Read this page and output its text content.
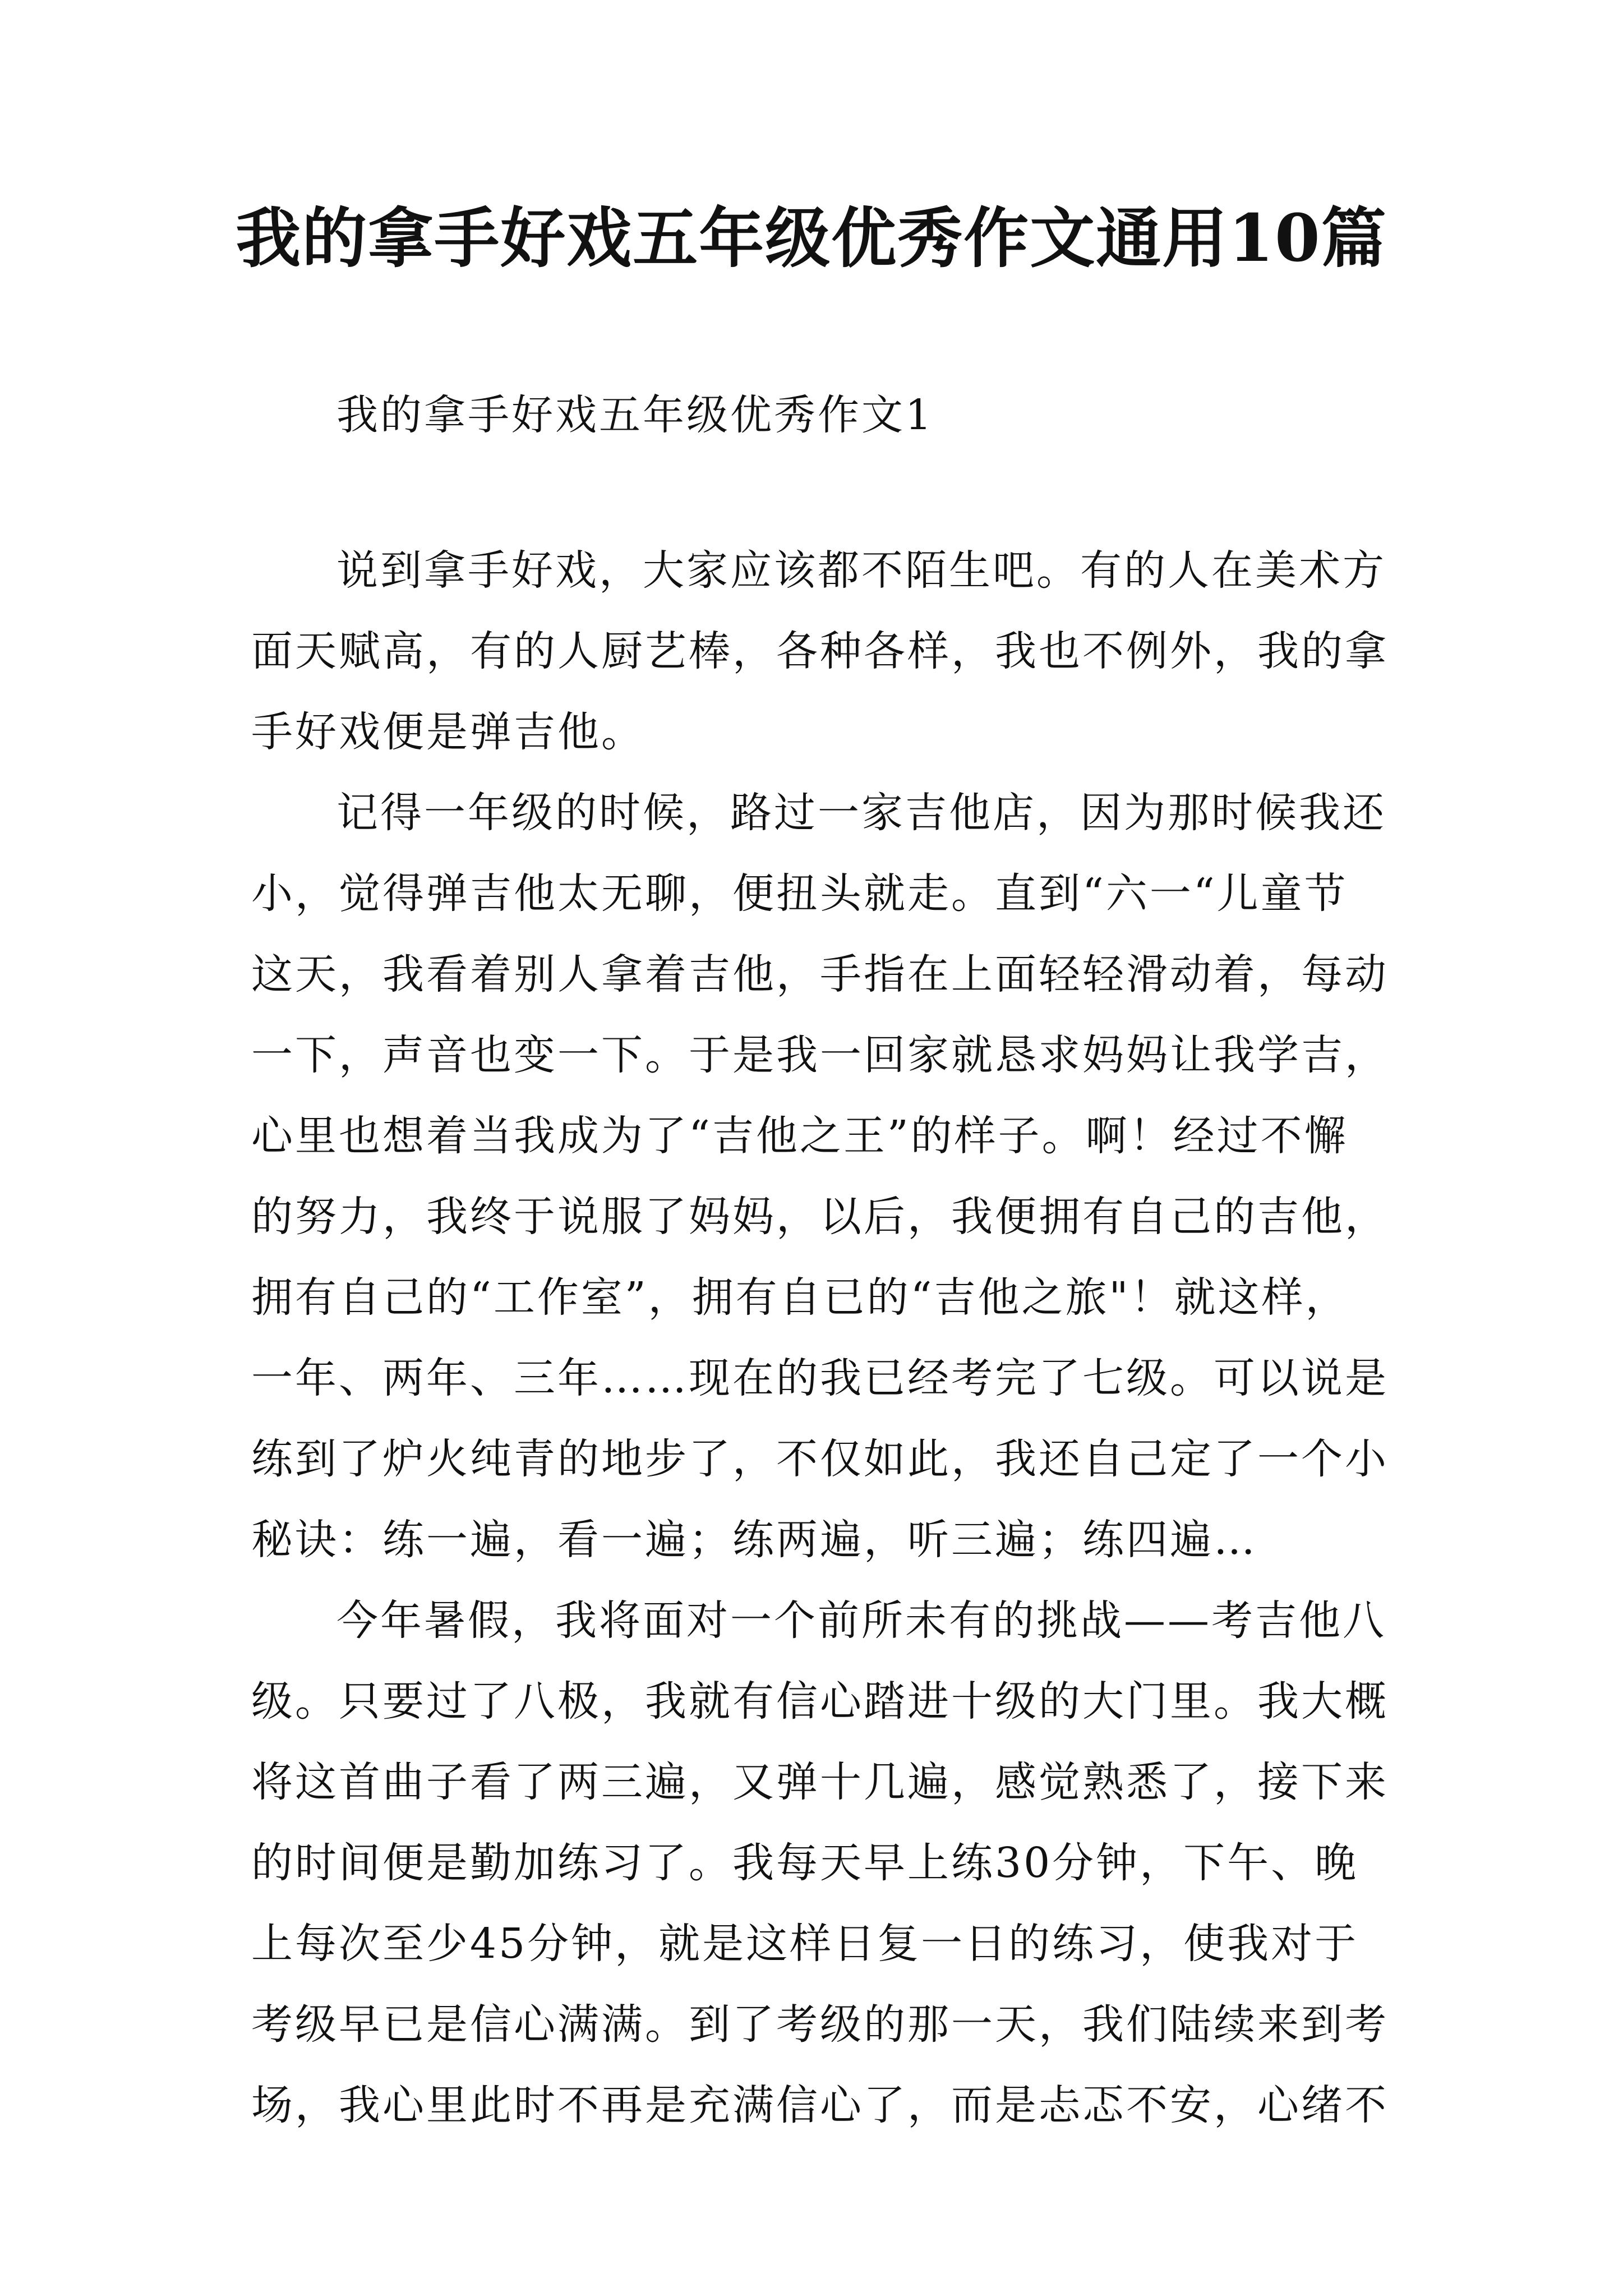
我的拿手好戏五年级优秀作文通用10篇
我的拿手好戏五年级优秀作文1
说到拿手好戏，大家应该都不陌生吧。有的人在美术方
面天赋高，有的人厨艺棒，各种各样，我也不例外，我的拿
手好戏便是弹吉他。
记得一年级的时候，路过一家吉他店，因为那时候我还
小，觉得弹吉他太无聊，便扭头就走。直到“六一“儿童节
这天，我看着别人拿着吉他，手指在上面轻轻滑动着，每动
一下，声音也变一下。于是我一回家就恳求妈妈让我学吉，
心里也想着当我成为了“吉他之王”的样子。啊！经过不懈
的努力，我终于说服了妈妈，以后，我便拥有自己的吉他，
拥有自己的“工作室”，拥有自已的“吉他之旅"！就这样，
一年、两年、三年……现在的我已经考完了七级。可以说是
练到了炉火纯青的地步了，不仅如此，我还自己定了一个小
秘诀：练一遍，看一遍；练两遍，听三遍；练四遍…
今年暑假，我将面对一个前所未有的挑战——考吉他八
级。只要过了八极，我就有信心踏进十级的大门里。我大概
将这首曲子看了两三遍，又弹十几遍，感觉熟悉了，接下来
的时间便是勤加练习了。我每天早上练30分钟，下午、晚
上每次至少45分钟，就是这样日复一日的练习，使我对于
考级早已是信心满满。到了考级的那一天，我们陆续来到考
场，我心里此时不再是充满信心了，而是忐忑不安，心绪不
